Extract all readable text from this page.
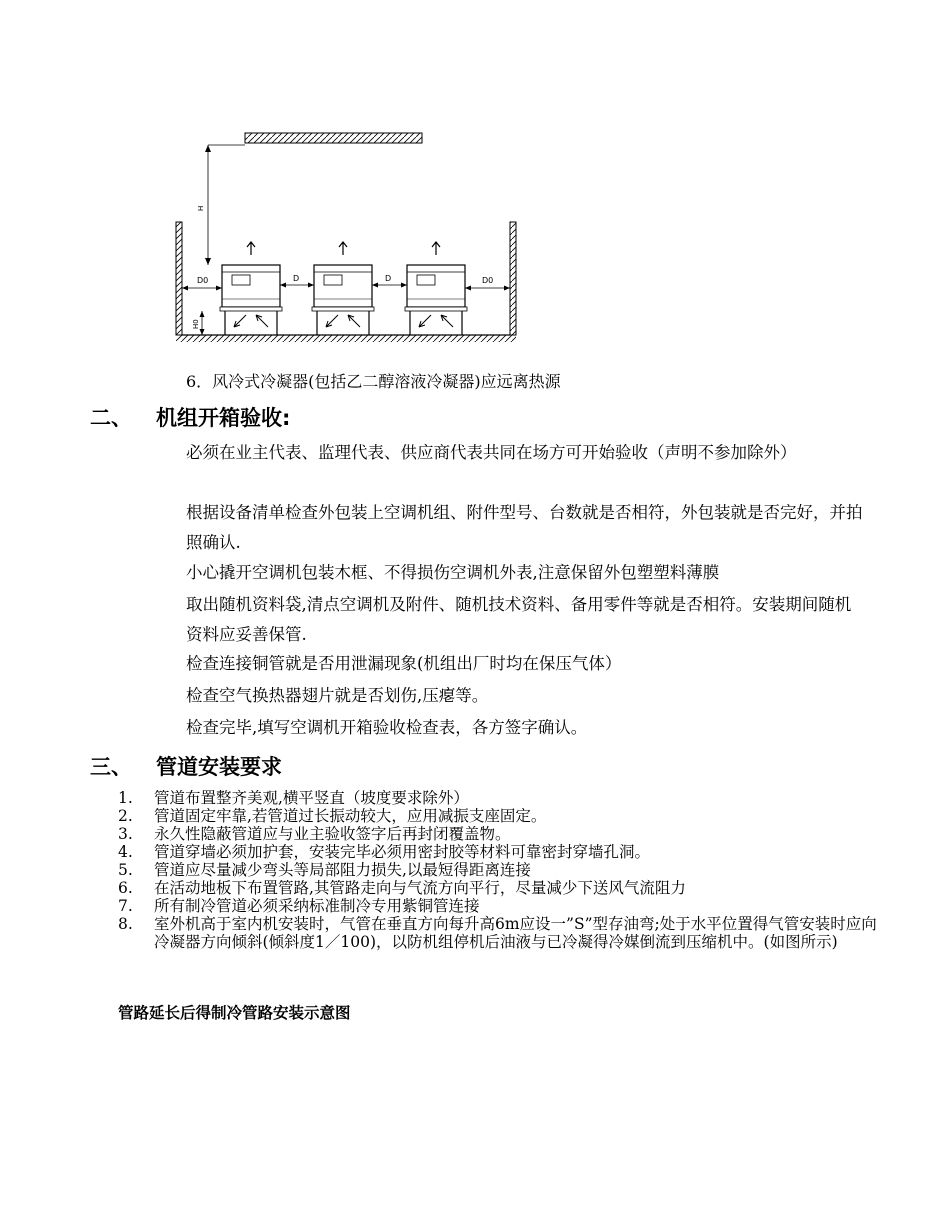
H
D0	D	D	D0
H0
6．风冷式冷凝器(包括乙二醇溶液冷凝器)应远离热源
二、 机组开箱验收:
必须在业主代表、监理代表、供应商代表共同在场方可开始验收（声明不参加除外）
根据设备清单检查外包装上空调机组、附件型号、台数就是否相符，外包装就是否完好，并拍照确认.
小心撬开空调机包装木框、不得损伤空调机外表,注意保留外包塑塑料薄膜
取出随机资料袋,清点空调机及附件、随机技术资料、备用零件等就是否相符。安装期间随机资料应妥善保管.
检查连接铜管就是否用泄漏现象(机组出厂时均在保压气体）
检查空气换热器翅片就是否划伤,压瘪等。
检查完毕,填写空调机开箱验收检查表，各方签字确认。
三、 管道安装要求
1. 管道布置整齐美观,横平竖直（坡度要求除外）
2. 管道固定牢靠,若管道过长振动较大，应用减振支座固定。
3. 永久性隐蔽管道应与业主验收签字后再封闭覆盖物。
4. 管道穿墙必须加护套，安装完毕必须用密封胶等材料可靠密封穿墙孔洞。
5. 管道应尽量减少弯头等局部阻力损失,以最短得距离连接
6. 在活动地板下布置管路,其管路走向与气流方向平行，尽量减少下送风气流阻力
7. 所有制冷管道必须采纳标准制冷专用紫铜管连接
8. 室外机高于室内机安装时，气管在垂直方向每升高6m应设一”S”型存油弯;处于水平位置得气管安装时应向冷凝器方向倾斜(倾斜度1／100)，以防机组停机后油液与已冷凝得冷媒倒流到压缩机中。(如图所示)
管路延长后得制冷管路安装示意图
